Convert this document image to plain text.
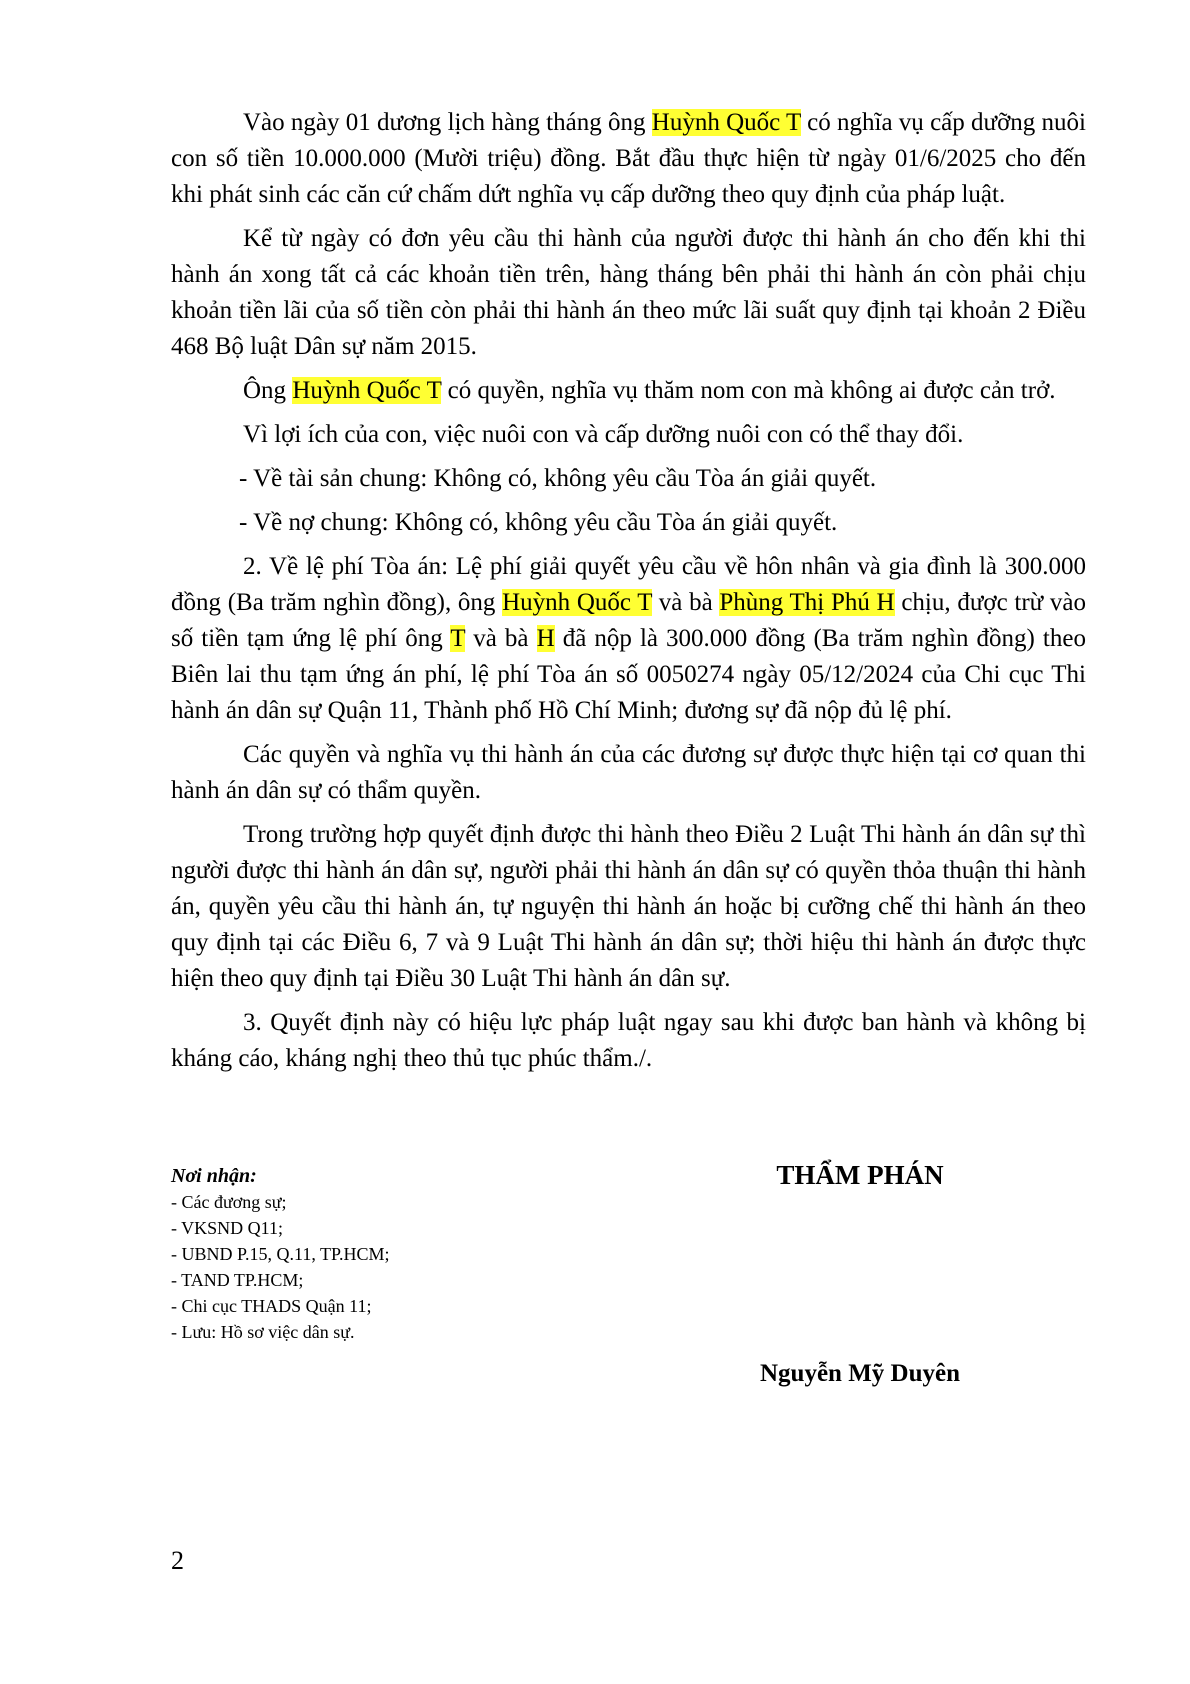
Vào ngày 01 dương lịch hàng tháng ông Huỳnh Quốc T có nghĩa vụ cấp dưỡng nuôi con số tiền 10.000.000 (Mười triệu) đồng. Bắt đầu thực hiện từ ngày 01/6/2025 cho đến khi phát sinh các căn cứ chấm dứt nghĩa vụ cấp dưỡng theo quy định của pháp luật.

Kể từ ngày có đơn yêu cầu thi hành của người được thi hành án cho đến khi thi hành án xong tất cả các khoản tiền trên, hàng tháng bên phải thi hành án còn phải chịu khoản tiền lãi của số tiền còn phải thi hành án theo mức lãi suất quy định tại khoản 2 Điều 468 Bộ luật Dân sự năm 2015.

Ông Huỳnh Quốc T có quyền, nghĩa vụ thăm nom con mà không ai được cản trở.

Vì lợi ích của con, việc nuôi con và cấp dưỡng nuôi con có thể thay đổi.

- Về tài sản chung: Không có, không yêu cầu Tòa án giải quyết.

- Về nợ chung: Không có, không yêu cầu Tòa án giải quyết.

2. Về lệ phí Tòa án: Lệ phí giải quyết yêu cầu về hôn nhân và gia đình là 300.000 đồng (Ba trăm nghìn đồng), ông Huỳnh Quốc T và bà Phùng Thị Phú H chịu, được trừ vào số tiền tạm ứng lệ phí ông T và bà H đã nộp là 300.000 đồng (Ba trăm nghìn đồng) theo Biên lai thu tạm ứng án phí, lệ phí Tòa án số 0050274 ngày 05/12/2024 của Chi cục Thi hành án dân sự Quận 11, Thành phố Hồ Chí Minh; đương sự đã nộp đủ lệ phí.

Các quyền và nghĩa vụ thi hành án của các đương sự được thực hiện tại cơ quan thi hành án dân sự có thẩm quyền.

Trong trường hợp quyết định được thi hành theo Điều 2 Luật Thi hành án dân sự thì người được thi hành án dân sự, người phải thi hành án dân sự có quyền thỏa thuận thi hành án, quyền yêu cầu thi hành án, tự nguyện thi hành án hoặc bị cưỡng chế thi hành án theo quy định tại các Điều 6, 7 và 9 Luật Thi hành án dân sự; thời hiệu thi hành án được thực hiện theo quy định tại Điều 30 Luật Thi hành án dân sự.

3. Quyết định này có hiệu lực pháp luật ngay sau khi được ban hành và không bị kháng cáo, kháng nghị theo thủ tục phúc thẩm./.

Nơi nhận:
- Các đương sự;
- VKSND Q11;
- UBND P.15, Q.11, TP.HCM;
- TAND TP.HCM;
- Chi cục THADS Quận 11;
- Lưu: Hồ sơ việc dân sự.
THẨM PHÁN
Nguyễn Mỹ Duyên
2
